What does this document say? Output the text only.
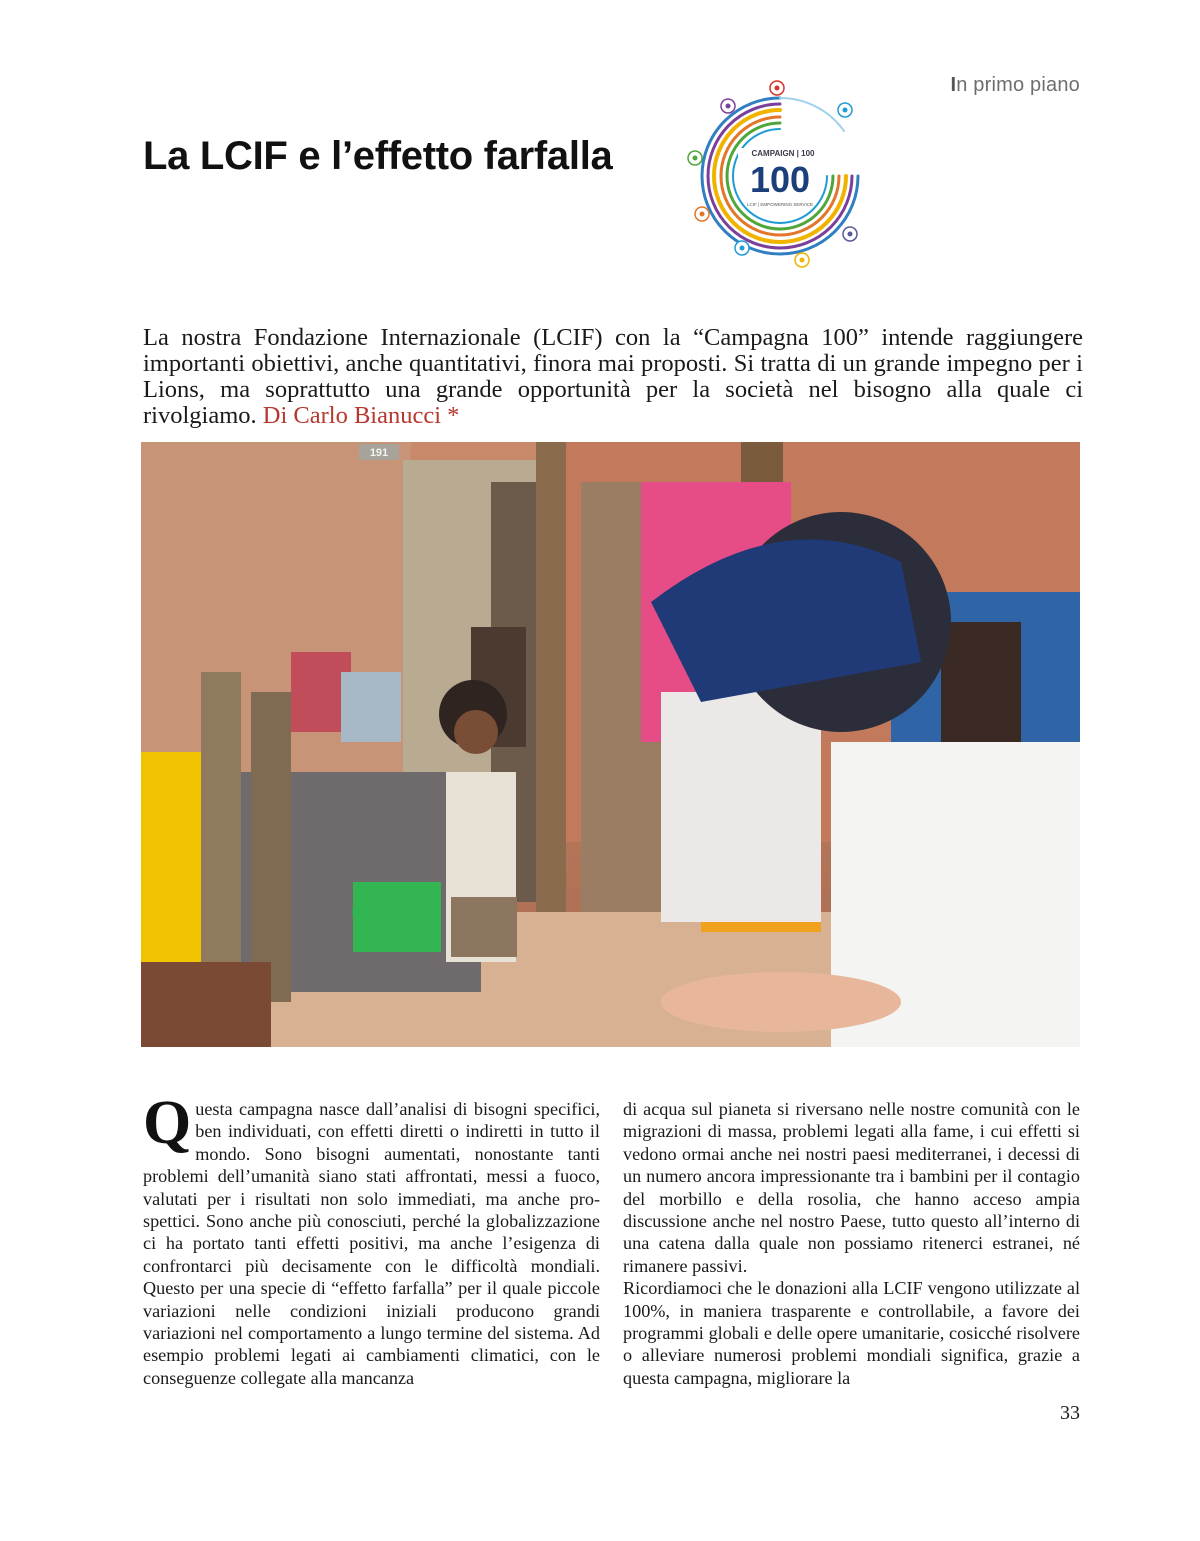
In primo piano
La LCIF e l’effetto farfalla	CAMPAIGN | 100
100
LCIF | EMPOWERING SERVICE
La nostra Fondazione Internazionale (LCIF) con la “Campagna 100” intende raggiungere importanti obiettivi, anche quantitativi, finora mai proposti. Si tratta di un grande impegno per i Lions, ma soprattutto una grande opportunità per la società nel bisogno alla quale ci rivolgiamo. Di Carlo Bianucci *
191

Questa campagna nasce dall’analisi di bisogni specifici, ben individuati, con effetti diretti o indiretti in tutto il mondo. Sono bisogni aumentati, nonostante tanti problemi dell’umanità siano stati affrontati, messi a fuoco, valutati per i risultati non solo immediati, ma anche prospettici. Sono anche più conosciuti, perché la globalizzazione ci ha portato tanti effetti positivi, ma anche l’esigenza di confrontarci più decisamente con le difficoltà mondiali. Questo per una specie di “effetto farfalla” per il quale piccole variazioni nelle condizioni iniziali producono grandi variazioni nel comportamento a lungo termine del sistema. Ad esempio problemi legati ai cambiamenti climatici, con le conseguenze collegate alla mancanza

di acqua sul pianeta si riversano nelle nostre comunità con le migrazioni di massa, problemi legati alla fame, i cui effetti si vedono ormai anche nei nostri paesi mediterranei, i decessi di un numero ancora impressionante tra i bambini per il contagio del morbillo e della rosolia, che hanno acceso ampia discussione anche nel nostro Paese, tutto questo all’interno di una catena dalla quale non possiamo ritenerci estranei, né rimanere passivi.

Ricordiamoci che le donazioni alla LCIF vengono utilizzate al 100%, in maniera trasparente e controllabile, a favore dei programmi globali e delle opere umanitarie, cosicché risolvere o alleviare numerosi problemi mondiali significa, grazie a questa campagna, migliorare la

33
